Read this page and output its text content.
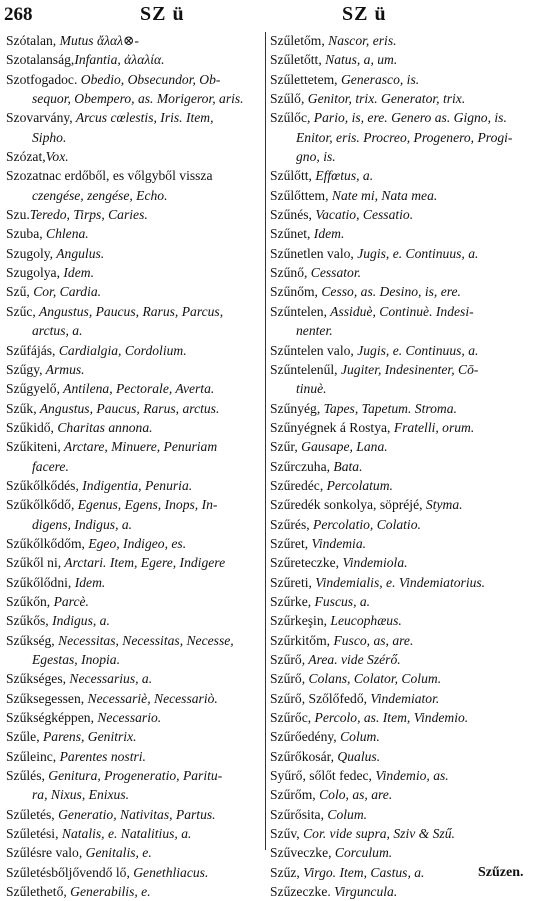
268	SZ ü	SZ ü

Szótalan, Mutus ἄλαλ⊗-

Szotalanság,Infantia, ἀλαλία.

Szotfogadoc. Obedio, Obsecundor, Ob-
sequor, Obempero, as. Morigeror, aris.

Szovarvány, Arcus cœlestis, Iris. Item,
Sipho.

Szózat,Vox.

Szozatnac erdőből, es vőlgyből vissza
czengése, zengése, Echo.

Szu.Teredo, Tirps, Caries.

Szuba, Chlena.

Szugoly, Angulus.

Szugolya, Idem.

Szű, Cor, Cardia.

Szűc, Angustus, Paucus, Rarus, Parcus,
arctus, a.

Szűfájás, Cardialgia, Cordolium.

Szűgy, Armus.

Szűgyelő, Antilena, Pectorale, Averta.

Szűk, Angustus, Paucus, Rarus, arctus.

Szűkidő, Charitas annona.

Szűkiteni, Arctare, Minuere, Penuriam
facere.

Szűkőlkődés, Indigentia, Penuria.

Szűkőlkődő, Egenus, Egens, Inops, In-
digens, Indigus, a.

Szűkőlkődőm, Egeo, Indigeo, es.

Szűkől ni, Arctari. Item, Egere, Indigere

Szűkőlődni, Idem.

Szűkőn, Parcè.

Szűkős, Indigus, a.

Szűkség, Necessitas, Necessitas, Necesse,
Egestas, Inopia.

Szűkséges, Necessarius, a.

Szűksegessen, Necessariè, Necessariò.

Szűkségképpen, Necessario.

Szűle, Parens, Genitrix.

Szűleinc, Parentes nostri.

Szűlés, Genitura, Progeneratio, Paritu-
ra, Nixus, Enixus.

Szűletés, Generatio, Nativitas, Partus.

Szűletési, Natalis, e. Natalitius, a.

Szűlésre valo, Genitalis, e.

Szűletésbőljővendő lő, Genethliacus.

Szűlethető, Generabilis, e.

Szűletőm, Nascor, eris.

Szűletőtt, Natus, a, um.

Szűlettetem, Generasco, is.

Szűlő, Genitor, trix. Generator, trix.

Szűlőc, Pario, is, ere. Genero as. Gigno, is.
Enitor, eris. Procreo, Progenero, Progi-

gno, is.

Szűlőtt, Effœtus, a.

Szűlőttem, Nate mi, Nata mea.

Szűnés, Vacatio, Cessatio.

Szűnet, Idem.

Szűnetlen valo, Jugis, e. Continuus, a.

Szűnő, Cessator.

Szűnőm, Cesso, as. Desino, is, ere.

Szűntelen, Assiduè, Continuè. Indesi-
nenter.

Szűntelen valo, Jugis, e. Continuus, a.

Szűntelenűl, Jugiter, Indesinenter, Cō-
tinuè.

Szűnyég, Tapes, Tapetum. Stroma.

Szűnyégnek á Rostya, Fratelli, orum.

Szűr, Gausape, Lana.

Szűrczuha, Bata.

Szűredéc, Percolatum.

Szűredék sonkolya, söpréjé, Styma.

Szűrés, Percolatio, Colatio.

Szűret, Vindemia.

Szűreteczke, Vindemiola.

Szűreti, Vindemialis, e. Vindemiatorius.

Szűrke, Fuscus, a.

Szűrkeşin, Leucophæus.

Szűrkitőm, Fusco, as, are.

Szűrő, Area. vide Szérő.

Szűrő, Colans, Colator, Colum.

Szűrő, Szőlőfedő, Vindemiator.

Szűrőc, Percolo, as. Item, Vindemio.

Szűrőedény, Colum.

Szűrőkosár, Qualus.

Syűrő, sőlőt fedec, Vindemio, as.

Szűrőm, Colo, as, are.

Szűrősita, Colum.

Szűv, Cor. vide supra, Sziv & Szű.

Szűveczke, Corculum.

Szűz, Virgo. Item, Castus, a.

Szűzeczke. Virguncula.

Szűzen.
